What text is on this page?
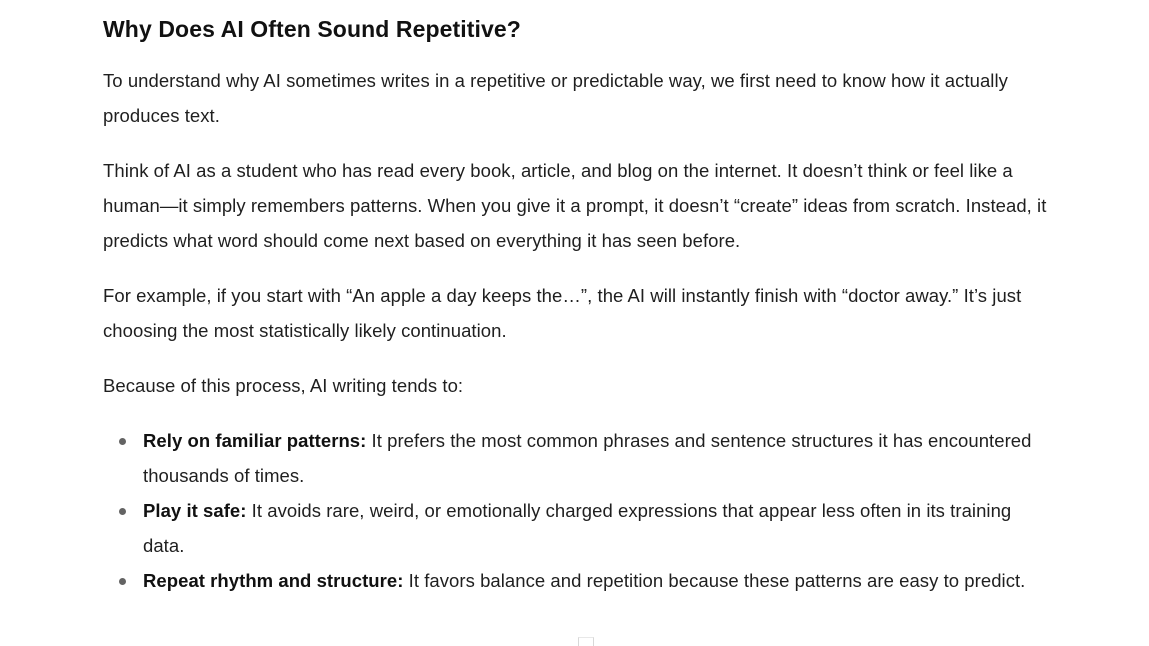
Why Does AI Often Sound Repetitive?

To understand why AI sometimes writes in a repetitive or predictable way, we first need to know how it actually produces text.

Think of AI as a student who has read every book, article, and blog on the internet. It doesn’t think or feel like a human—it simply remembers patterns. When you give it a prompt, it doesn’t “create” ideas from scratch. Instead, it predicts what word should come next based on everything it has seen before.

For example, if you start with “An apple a day keeps the…”, the AI will instantly finish with “doctor away.” It’s just choosing the most statistically likely continuation.

Because of this process, AI writing tends to:

Rely on familiar patterns: It prefers the most common phrases and sentence structures it has encountered thousands of times.
Play it safe: It avoids rare, weird, or emotionally charged expressions that appear less often in its training data.
Repeat rhythm and structure: It favors balance and repetition because these patterns are easy to predict.
